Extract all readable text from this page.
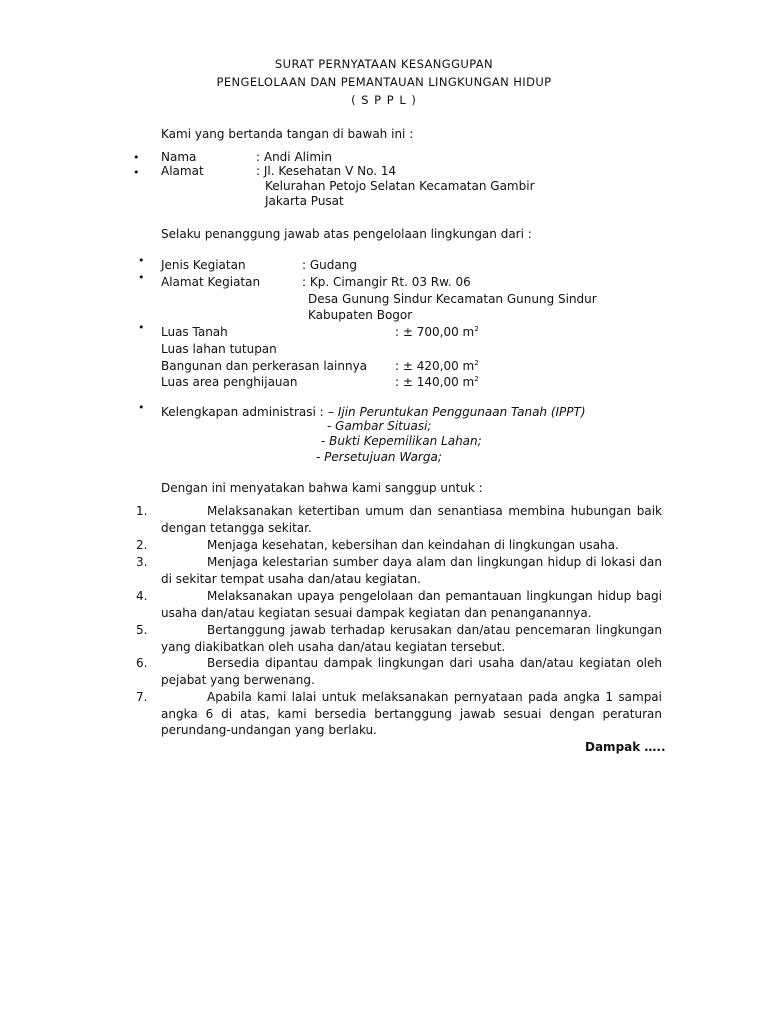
SURAT PERNYATAAN KESANGGUPAN
PENGELOLAAN DAN PEMANTAUAN LINGKUNGAN HIDUP
( S P P L )
Kami yang bertanda tangan di bawah ini :
• Nama	: Andi Alimin
• Alamat	: Jl. Kesehatan V No. 14
Kelurahan Petojo Selatan Kecamatan Gambir
Jakarta Pusat
Selaku penanggung jawab atas pengelolaan lingkungan dari :
• Jenis Kegiatan	: Gudang
• Alamat Kegiatan	: Kp. Cimangir Rt. 03 Rw. 06
Desa Gunung Sindur Kecamatan Gunung Sindur
Kabupaten Bogor
• Luas Tanah	: ± 700,00 $m^2$
Luas lahan tutupan
Bangunan dan perkerasan lainnya : ± 420,00 $m^2$
Luas area penghijauan	: ± 140,00 $m^2$
• Kelengkapan administrasi : – Ijin Peruntukan Penggunaan Tanah (IPPT)
- Gambar Situasi;
- Bukti Kepemilikan Lahan;
- Persetujuan Warga;
Dengan ini menyatakan bahwa kami sanggup untuk :
1.	Melaksanakan ketertiban umum dan senantiasa membina hubungan baik dengan tetangga sekitar.
2.	Menjaga kesehatan, kebersihan dan keindahan di lingkungan usaha.
3.	Menjaga kelestarian sumber daya alam dan lingkungan hidup di lokasi dan di sekitar tempat usaha dan/atau kegiatan.
4.	Melaksanakan upaya pengelolaan dan pemantauan lingkungan hidup bagi usaha dan/atau kegiatan sesuai dampak kegiatan dan penanganannya.
5.	Bertanggung jawab terhadap kerusakan dan/atau pencemaran lingkungan yang diakibatkan oleh usaha dan/atau kegiatan tersebut.
6.	Bersedia dipantau dampak lingkungan dari usaha dan/atau kegiatan oleh pejabat yang berwenang.
7.	Apabila kami lalai untuk melaksanakan pernyataan pada angka 1 sampai angka 6 di atas, kami bersedia bertanggung jawab sesuai dengan peraturan perundang-undangan yang berlaku.
Dampak …..
